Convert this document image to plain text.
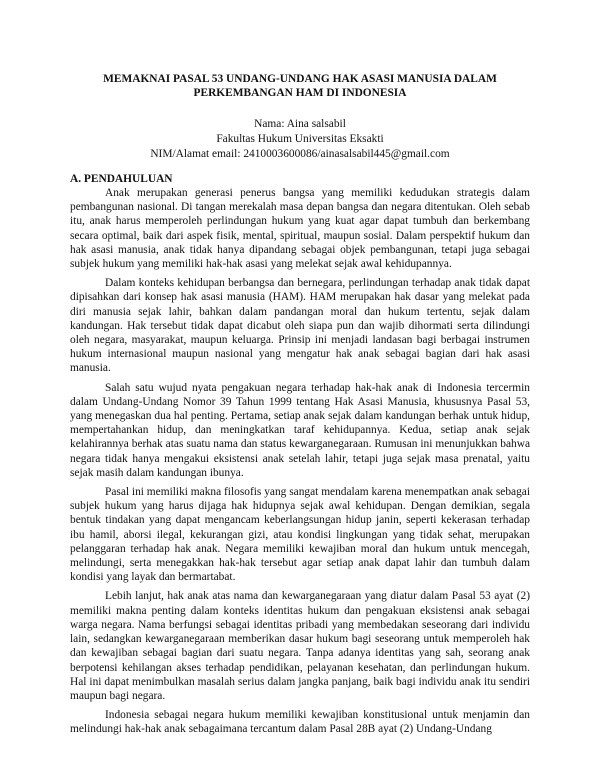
MEMAKNAI PASAL 53 UNDANG-UNDANG HAK ASASI MANUSIA DALAM
PERKEMBANGAN HAM DI INDONESIA
Nama: Aina salsabil
Fakultas Hukum Universitas Eksakti
NIM/Alamat email: 2410003600086/ainasalsabil445@gmail.com
A. PENDAHULUAN

Anak merupakan generasi penerus bangsa yang memiliki kedudukan strategis dalam pembangunan nasional. Di tangan merekalah masa depan bangsa dan negara ditentukan. Oleh sebab itu, anak harus memperoleh perlindungan hukum yang kuat agar dapat tumbuh dan berkembang secara optimal, baik dari aspek fisik, mental, spiritual, maupun sosial. Dalam perspektif hukum dan hak asasi manusia, anak tidak hanya dipandang sebagai objek pembangunan, tetapi juga sebagai subjek hukum yang memiliki hak-hak asasi yang melekat sejak awal kehidupannya.

Dalam konteks kehidupan berbangsa dan bernegara, perlindungan terhadap anak tidak dapat dipisahkan dari konsep hak asasi manusia (HAM). HAM merupakan hak dasar yang melekat pada diri manusia sejak lahir, bahkan dalam pandangan moral dan hukum tertentu, sejak dalam kandungan. Hak tersebut tidak dapat dicabut oleh siapa pun dan wajib dihormati serta dilindungi oleh negara, masyarakat, maupun keluarga. Prinsip ini menjadi landasan bagi berbagai instrumen hukum internasional maupun nasional yang mengatur hak anak sebagai bagian dari hak asasi manusia.

Salah satu wujud nyata pengakuan negara terhadap hak-hak anak di Indonesia tercermin dalam Undang-Undang Nomor 39 Tahun 1999 tentang Hak Asasi Manusia, khususnya Pasal 53, yang menegaskan dua hal penting. Pertama, setiap anak sejak dalam kandungan berhak untuk hidup, mempertahankan hidup, dan meningkatkan taraf kehidupannya. Kedua, setiap anak sejak kelahirannya berhak atas suatu nama dan status kewarganegaraan. Rumusan ini menunjukkan bahwa negara tidak hanya mengakui eksistensi anak setelah lahir, tetapi juga sejak masa prenatal, yaitu sejak masih dalam kandungan ibunya.

Pasal ini memiliki makna filosofis yang sangat mendalam karena menempatkan anak sebagai subjek hukum yang harus dijaga hak hidupnya sejak awal kehidupan. Dengan demikian, segala bentuk tindakan yang dapat mengancam keberlangsungan hidup janin, seperti kekerasan terhadap ibu hamil, aborsi ilegal, kekurangan gizi, atau kondisi lingkungan yang tidak sehat, merupakan pelanggaran terhadap hak anak. Negara memiliki kewajiban moral dan hukum untuk mencegah, melindungi, serta menegakkan hak-hak tersebut agar setiap anak dapat lahir dan tumbuh dalam kondisi yang layak dan bermartabat.

Lebih lanjut, hak anak atas nama dan kewarganegaraan yang diatur dalam Pasal 53 ayat (2) memiliki makna penting dalam konteks identitas hukum dan pengakuan eksistensi anak sebagai warga negara. Nama berfungsi sebagai identitas pribadi yang membedakan seseorang dari individu lain, sedangkan kewarganegaraan memberikan dasar hukum bagi seseorang untuk memperoleh hak dan kewajiban sebagai bagian dari suatu negara. Tanpa adanya identitas yang sah, seorang anak berpotensi kehilangan akses terhadap pendidikan, pelayanan kesehatan, dan perlindungan hukum. Hal ini dapat menimbulkan masalah serius dalam jangka panjang, baik bagi individu anak itu sendiri maupun bagi negara.

Indonesia sebagai negara hukum memiliki kewajiban konstitusional untuk menjamin dan melindungi hak-hak anak sebagaimana tercantum dalam Pasal 28B ayat (2) Undang-Undang
